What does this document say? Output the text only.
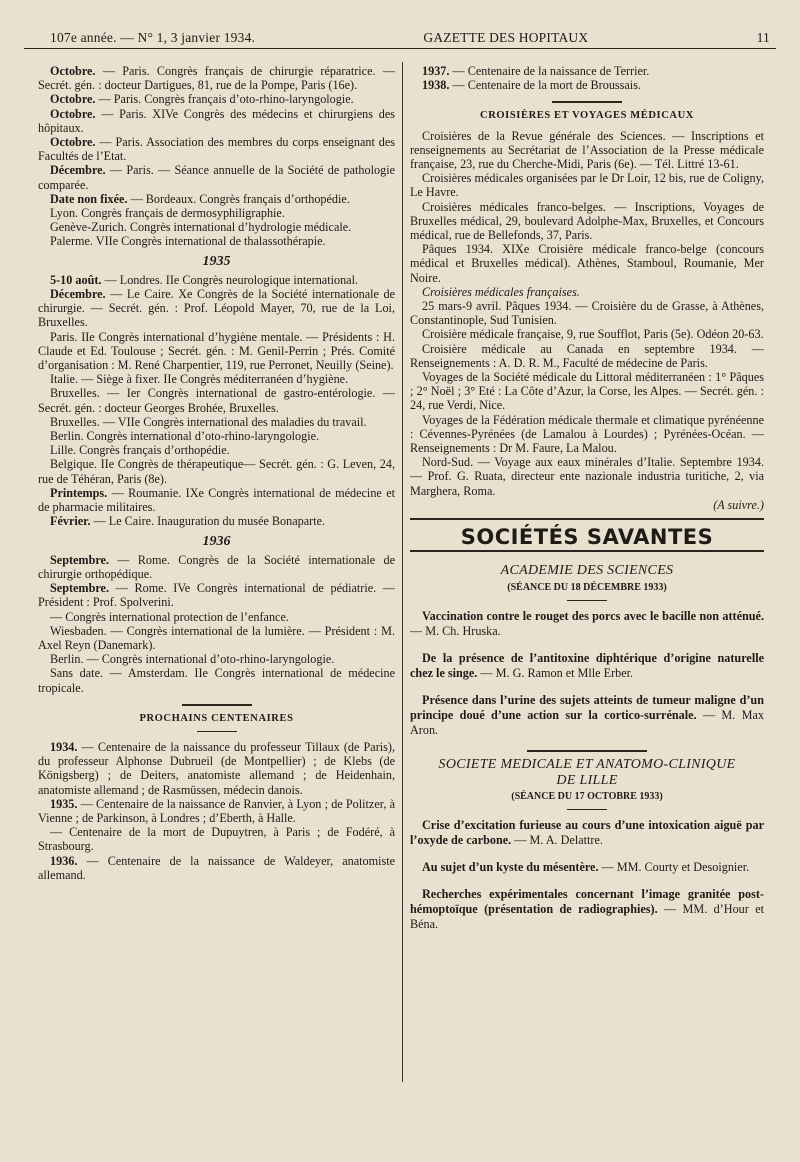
107e année. — N° 1, 3 janvier 1934.	GAZETTE DES HOPITAUX	11

Octobre. — Paris. Congrès français de chirurgie réparatrice. — Secrét. gén. : docteur Dartigues, 81, rue de la Pompe, Paris (16e).

Octobre. — Paris. Congrès français d’oto-rhino-laryngologie.

Octobre. — Paris. XIVe Congrès des médecins et chirurgiens des hôpitaux.

Octobre. — Paris. Association des membres du corps enseignant des Facultés de l’Etat.

Décembre. — Paris. — Séance annuelle de la Société de pathologie comparée.

Date non fixée. — Bordeaux. Congrès français d’orthopédie.

Lyon. Congrès français de dermosyphiligraphie.

Genève-Zurich. Congrès international d’hydrologie médicale.

Palerme. VIIe Congrès international de thalassothérapie.

1935

5-10 août. — Londres. IIe Congrès neurologique international.

Décembre. — Le Caire. Xe Congrès de la Société internationale de chirurgie. — Secrét. gén. : Prof. Léopold Mayer, 70, rue de la Loi, Bruxelles.

Paris. IIe Congrès international d’hygiène mentale. — Présidents : H. Claude et Ed. Toulouse ; Secrét. gén. : M. Genil-Perrin ; Prés. Comité d’organisation : M. René Charpentier, 119, rue Perronet, Neuilly (Seine).

Italie. — Siège à fixer. IIe Congrès méditerranéen d’hygiène.

Bruxelles. — Ier Congrès international de gastro-entérologie. — Secrét. gén. : docteur Georges Brohée, Bruxelles.

Bruxelles. — VIIe Congrès international des maladies du travail.

Berlin. Congrès international d’oto-rhino-laryngologie.

Lille. Congrès français d’orthopédie.

Belgique. IIe Congrès de thérapeutique— Secrét. gén. : G. Leven, 24, rue de Téhéran, Paris (8e).

Printemps. — Roumanie. IXe Congrès international de médecine et de pharmacie militaires.

Février. — Le Caire. Inauguration du musée Bonaparte.

1936

Septembre. — Rome. Congrès de la Société internationale de chirurgie orthopédique.

Septembre. — Rome. IVe Congrès international de pédiatrie. — Président : Prof. Spolverini.

— Congrès international protection de l’enfance.

Wiesbaden. — Congrès international de la lumière. — Président : M. Axel Reyn (Danemark).

Berlin. — Congrès international d’oto-rhino-laryngologie.

Sans date. — Amsterdam. IIe Congrès international de médecine tropicale.

PROCHAINS CENTENAIRES

1934. — Centenaire de la naissance du professeur Tillaux (de Paris), du professeur Alphonse Dubrueil (de Montpellier) ; de Klebs (de Königsberg) ; de Deiters, anatomiste allemand ; de Heidenhain, anatomiste allemand ; de Rasmüssen, médecin danois.

1935. — Centenaire de la naissance de Ranvier, à Lyon ; de Politzer, à Vienne ; de Parkinson, à Londres ; d’Eberth, à Halle.

— Centenaire de la mort de Dupuytren, à Paris ; de Fodéré, à Strasbourg.

1936. — Centenaire de la naissance de Waldeyer, anatomiste allemand.

1937. — Centenaire de la naissance de Terrier.

1938. — Centenaire de la mort de Broussais.

CROISIÈRES ET VOYAGES MÉDICAUX

Croisières de la Revue générale des Sciences. — Inscriptions et renseignements au Secrétariat de l’Association de la Presse médicale française, 23, rue du Cherche-Midi, Paris (6e). — Tél. Littré 13-61.

Croisières médicales organisées par le Dr Loir, 12 bis, rue de Coligny, Le Havre.

Croisières médicales franco-belges. — Inscriptions, Voyages de Bruxelles médical, 29, boulevard Adolphe-Max, Bruxelles, et Concours médical, rue de Bellefonds, 37, Paris.

Pâques 1934. XIXe Croisière médicale franco-belge (concours médical et Bruxelles médical). Athènes, Stamboul, Roumanie, Mer Noire.

Croisières médicales françaises.

25 mars-9 avril. Pâques 1934. — Croisière du de Grasse, à Athènes, Constantinople, Sud Tunisien.

Croisière médicale française, 9, rue Soufflot, Paris (5e). Odéon 20-63.

Croisière médicale au Canada en septembre 1934. — Renseignements : A. D. R. M., Faculté de médecine de Paris.

Voyages de la Société médicale du Littoral méditerranéen : 1° Pâques ; 2° Noël ; 3° Eté : La Côte d’Azur, la Corse, les Alpes. — Secrét. gén. : 24, rue Verdi, Nice.

Voyages de la Fédération médicale thermale et climatique pyrénéenne : Cévennes-Pyrénées (de Lamalou à Lourdes) ; Pyrénées-Océan. — Renseignements : Dr M. Faure, La Malou.

Nord-Sud. — Voyage aux eaux minérales d’Italie. Septembre 1934. — Prof. G. Ruata, directeur ente nazionale industria turitiche, 2, via Marghera, Roma.

(A suivre.)

SOCIÉTÉS SAVANTES
ACADEMIE DES SCIENCES
(SÉANCE DU 18 DÉCEMBRE 1933)

Vaccination contre le rouget des porcs avec le bacille non atténué. — M. Ch. Hruska.

De la présence de l’antitoxine diphtérique d’origine naturelle chez le singe. — M. G. Ramon et Mlle Erber.

Présence dans l’urine des sujets atteints de tumeur maligne d’un principe doué d’une action sur la cortico-surrénale. — M. Max Aron.

SOCIETE MEDICALE ET ANATOMO-CLINIQUE
DE LILLE
(SÉANCE DU 17 OCTOBRE 1933)

Crise d’excitation furieuse au cours d’une intoxication aiguë par l’oxyde de carbone. — M. A. Delattre.

Au sujet d’un kyste du mésentère. — MM. Courty et Desoignier.

Recherches expérimentales concernant l’image granitée post-hémoptoïque (présentation de radiographies). — MM. d’Hour et Béna.
